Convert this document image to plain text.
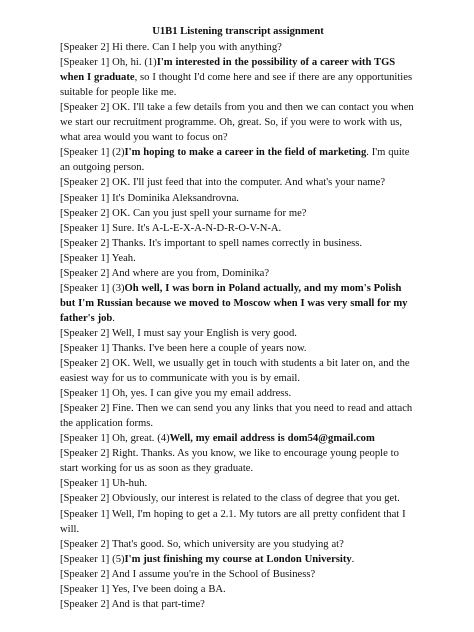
U1B1 Listening transcript assignment

[Speaker 2] Hi there. Can I help you with anything?

[Speaker 1] Oh, hi. (1)I'm interested in the possibility of a career with TGS when I graduate, so I thought I'd come here and see if there are any opportunities suitable for people like me.

[Speaker 2] OK. I'll take a few details from you and then we can contact you when we start our recruitment programme. Oh, great. So, if you were to work with us, what area would you want to focus on?

[Speaker 1] (2)I'm hoping to make a career in the field of marketing. I'm quite an outgoing person.

[Speaker 2] OK. I'll just feed that into the computer. And what's your name?

[Speaker 1] It's Dominika Aleksandrovna.

[Speaker 2] OK. Can you just spell your surname for me?

[Speaker 1] Sure. It's A-L-E-X-A-N-D-R-O-V-N-A.

[Speaker 2] Thanks. It's important to spell names correctly in business.

[Speaker 1] Yeah.

[Speaker 2] And where are you from, Dominika?

[Speaker 1] (3)Oh well, I was born in Poland actually, and my mom's Polish but I'm Russian because we moved to Moscow when I was very small for my father's job.

[Speaker 2] Well, I must say your English is very good.

[Speaker 1] Thanks. I've been here a couple of years now.

[Speaker 2] OK. Well, we usually get in touch with students a bit later on, and the easiest way for us to communicate with you is by email.

[Speaker 1] Oh, yes. I can give you my email address.

[Speaker 2] Fine. Then we can send you any links that you need to read and attach the application forms.

[Speaker 1] Oh, great. (4)Well, my email address is dom54@gmail.com

[Speaker 2] Right. Thanks. As you know, we like to encourage young people to start working for us as soon as they graduate.

[Speaker 1] Uh-huh.

[Speaker 2] Obviously, our interest is related to the class of degree that you get.

[Speaker 1] Well, I'm hoping to get a 2.1. My tutors are all pretty confident that I will.

[Speaker 2] That's good. So, which university are you studying at?

[Speaker 1] (5)I'm just finishing my course at London University.

[Speaker 2] And I assume you're in the School of Business?

[Speaker 1] Yes, I've been doing a BA.

[Speaker 2] And is that part-time?
